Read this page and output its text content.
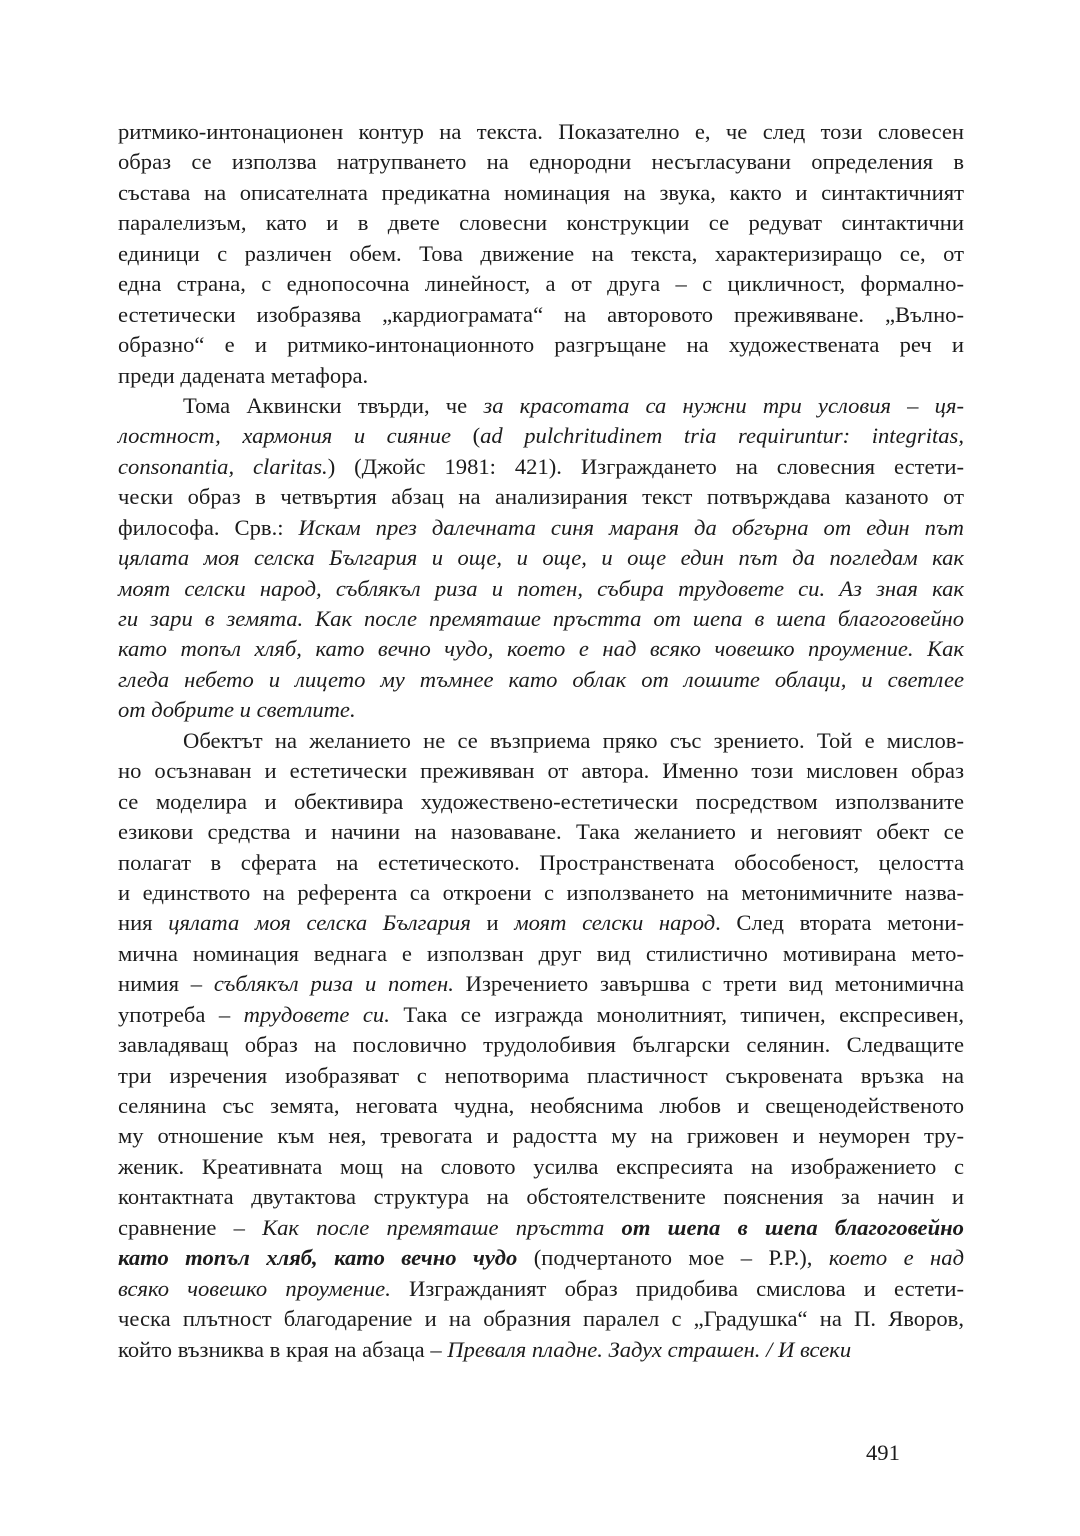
ритмико-интонационен контур на текста. Показателно е, че след този словесен
образ се използва натрупването на еднородни несъгласувани определения в
състава на описателната предикатна номинация на звука, както и синтактичният
паралелизъм, като и в двете словесни конструкции се редуват синтактични
единици с различен обем. Това движение на текста, характеризиращо се, от
една страна, с еднопосочна линейност, а от друга – с цикличност, формално-
естетически изобразява „кардиограмата“ на авторовото преживяване. „Вълно-
образно“ е и ритмико-интонационното разгръщане на художествената реч и
преди дадената метафора.
Тома Аквински твърди, че за красотата са нужни три условия – ця-
лостност, хармония и сияние (ad pulchritudinem tria requiruntur: integritas,
consonantia, claritas.) (Джойс 1981: 421). Изграждането на словесния естети-
чески образ в четвъртия абзац на анализирания текст потвърждава казаното от
философа. Срв.: Искам през далечната синя мараня да обгърна от един път
цялата моя селска България и още, и още, и още един път да погледам как
моят селски народ, съблякъл риза и потен, събира трудовете си. Аз зная как
ги зари в земята. Как после премяташе пръстта от шепа в шепа благоговейно
като топъл хляб, като вечно чудо, което е над всяко човешко проумение. Как
гледа небето и лицето му тъмнее като облак от лошите облаци, и светлее
от добрите и светлите.
Обектът на желанието не се възприема пряко със зрението. Той е мислов-
но осъзнаван и естетически преживяван от автора. Именно този мисловен образ
се моделира и обективира художествено-естетически посредством използваните
езикови средства и начини на назоваване. Така желанието и неговият обект се
полагат в сферата на естетическото. Пространствената обособеност, целостта
и единството на референта са откроени с използването на метонимичните назва-
ния цялата моя селска България и моят селски народ. След втората метони-
мична номинация веднага е използван друг вид стилистично мотивирана мето-
нимия – съблякъл риза и потен. Изречението завършва с трети вид метонимична
употреба – трудовете си. Така се изгражда монолитният, типичен, експресивен,
завладяващ образ на пословично трудолобивия български селянин. Следващите
три изречения изобразяват с непотворима пластичност съкровената връзка на
селянина със земята, неговата чудна, необяснима любов и свещенодейственото
му отношение към нея, тревогата и радостта му на грижовен и неуморен тру-
женик. Креативната мощ на словото усилва експресията на изображението с
контактната двутактова структура на обстоятелствените пояснения за начин и
сравнение – Как после премяташе пръстта от шепа в шепа благоговейно
като топъл хляб, като вечно чудо (подчертаното мое – Р.Р.), което е над
всяко човешко проумение. Изгражданият образ придобива смислова и естети-
ческа плътност благодарение и на образния паралел с „Градушка“ на П. Яворов,
който възниква в края на абзаца – Преваля пладне. Задух страшен. / И всеки
491
